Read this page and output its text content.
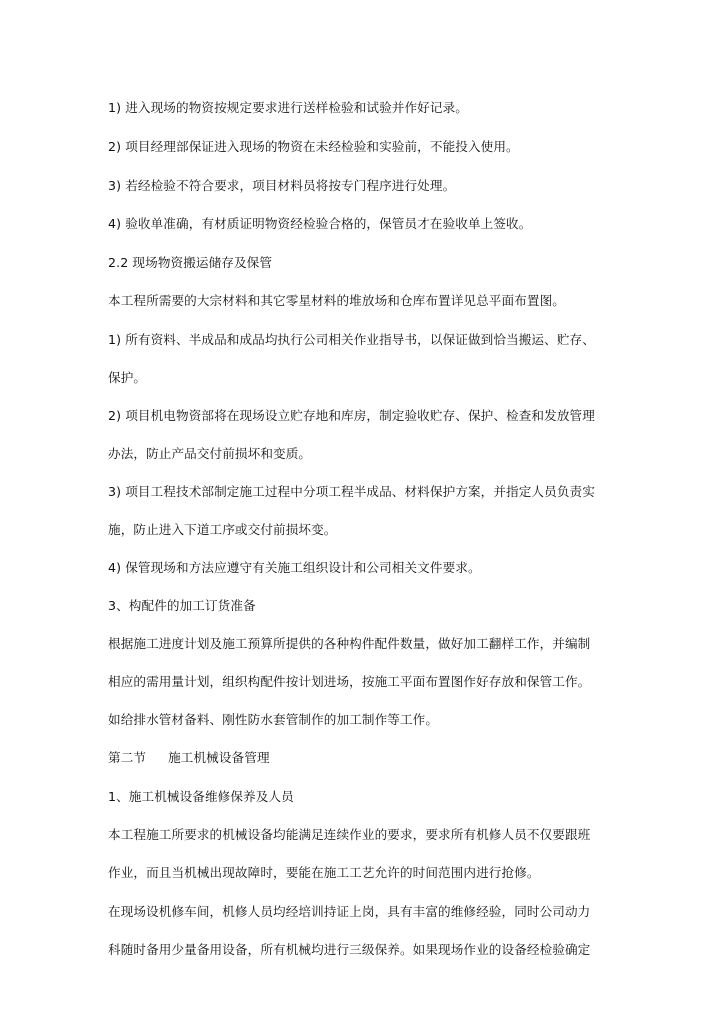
1) 进入现场的物资按规定要求进行送样检验和试验并作好记录。
2) 项目经理部保证进入现场的物资在未经检验和实验前，不能投入使用。
3) 若经检验不符合要求，项目材料员将按专门程序进行处理。
4) 验收单准确，有材质证明物资经检验合格的，保管员才在验收单上签收。
2.2 现场物资搬运储存及保管
本工程所需要的大宗材料和其它零星材料的堆放场和仓库布置详见总平面布置图。
1) 所有资料、半成品和成品均执行公司相关作业指导书，以保证做到恰当搬运、贮存、
保护。
2) 项目机电物资部将在现场设立贮存地和库房，制定验收贮存、保护、检查和发放管理
办法，防止产品交付前损坏和变质。
3) 项目工程技术部制定施工过程中分项工程半成品、材料保护方案，并指定人员负责实
施，防止进入下道工序或交付前损坏变。
4) 保管现场和方法应遵守有关施工组织设计和公司相关文件要求。
3、构配件的加工订货准备
根据施工进度计划及施工预算所提供的各种构件配件数量，做好加工翻样工作，并编制
相应的需用量计划，组织构配件按计划进场，按施工平面布置图作好存放和保管工作。
如给排水管材备料、刚性防水套管制作的加工制作等工作。
第二节 施工机械设备管理
1、施工机械设备维修保养及人员
本工程施工所要求的机械设备均能满足连续作业的要求，要求所有机修人员不仅要跟班
作业，而且当机械出现故障时，要能在施工工艺允许的时间范围内进行抢修。
在现场设机修车间，机修人员均经培训持证上岗，具有丰富的维修经验，同时公司动力
科随时备用少量备用设备，所有机械均进行三级保养。如果现场作业的设备经检验确定
